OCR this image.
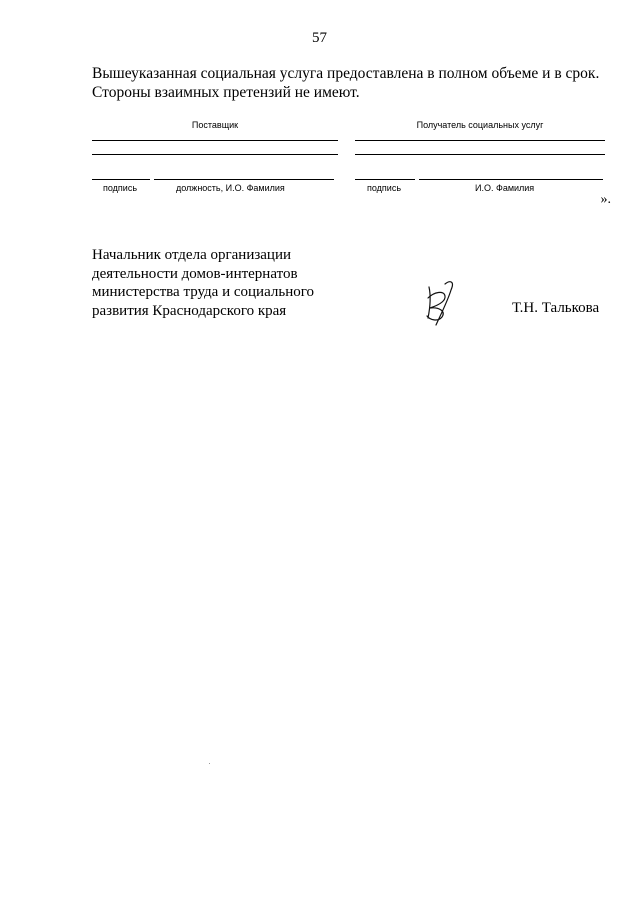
57
Вышеуказанная социальная услуга предоставлена в полном объеме и в срок.
Стороны взаимных претензий не имеют.
Поставщик
подпись	должность, И.О. Фамилия
Получатель социальных услуг
подпись	И.О. Фамилия
».
Начальник отдела организации
деятельности домов-интернатов
министерства труда и социального
развития Краснодарского края	Т.Н. Талькова
